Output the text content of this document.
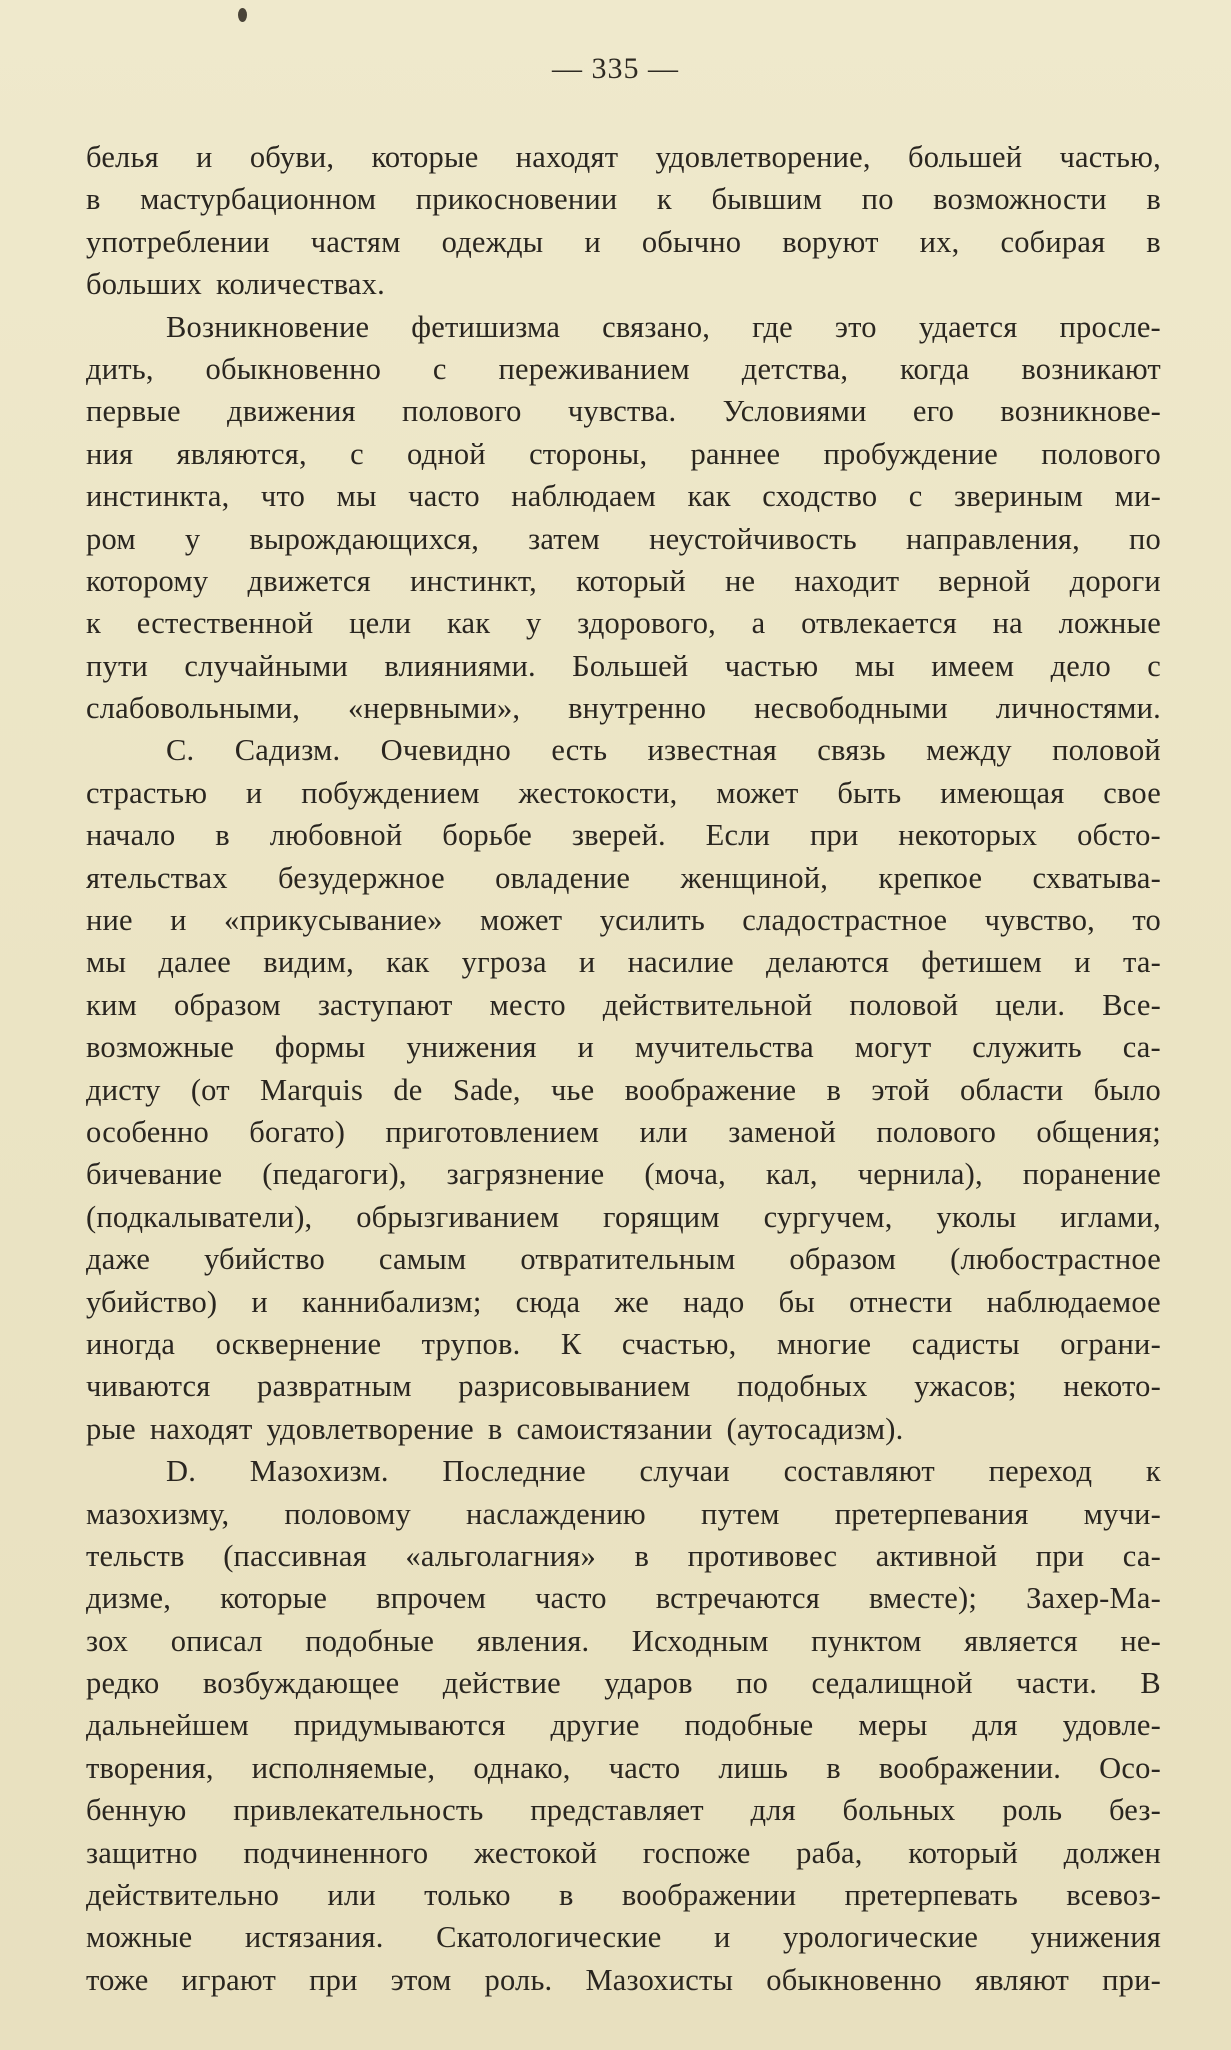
— 335 —
белья и обуви, которые находят удовлетворение, большей частью,
в мастурбационном прикосновении к бывшим по возможности в
употреблении частям одежды и обычно воруют их, собирая в
больших количествах.
Возникновение фетишизма связано, где это удается просле-
дить, обыкновенно с переживанием детства, когда возникают
первые движения полового чувства. Условиями его возникнове-
ния являются, с одной стороны, раннее пробуждение полового
инстинкта, что мы часто наблюдаем как сходство с звериным ми-
ром у вырождающихся, затем неустойчивость направления, по
которому движется инстинкт, который не находит верной дороги
к естественной цели как у здорового, а отвлекается на ложные
пути случайными влияниями. Большей частью мы имеем дело с
слабовольными, «нервными», внутренно несвободными личностями.
С. Садизм. Очевидно есть известная связь между половой
страстью и побуждением жестокости, может быть имеющая свое
начало в любовной борьбе зверей. Если при некоторых обсто-
ятельствах безудержное овладение женщиной, крепкое схватыва-
ние и «прикусывание» может усилить сладострастное чувство, то
мы далее видим, как угроза и насилие делаются фетишем и та-
ким образом заступают место действительной половой цели. Все-
возможные формы унижения и мучительства могут служить са-
дисту (от Marquis de Sade, чье воображение в этой области было
особенно богато) приготовлением или заменой полового общения;
бичевание (педагоги), загрязнение (моча, кал, чернила), поранение
(подкалыватели), обрызгиванием горящим сургучем, уколы иглами,
даже убийство самым отвратительным образом (любострастное
убийство) и каннибализм; сюда же надо бы отнести наблюдаемое
иногда осквернение трупов. К счастью, многие садисты ограни-
чиваются развратным разрисовыванием подобных ужасов; некото-
рые находят удовлетворение в самоистязании (аутосадизм).
D. Мазохизм. Последние случаи составляют переход к
мазохизму, половому наслаждению путем претерпевания мучи-
тельств (пассивная «альголагния» в противовес активной при са-
дизме, которые впрочем часто встречаются вместе); Захер-Ма-
зох описал подобные явления. Исходным пунктом является не-
редко возбуждающее действие ударов по седалищной части. В
дальнейшем придумываются другие подобные меры для удовле-
творения, исполняемые, однако, часто лишь в воображении. Осо-
бенную привлекательность представляет для больных роль без-
защитно подчиненного жестокой госпоже раба, который должен
действительно или только в воображении претерпевать всевоз-
можные истязания. Скатологические и урологические унижения
тоже играют при этом роль. Мазохисты обыкновенно являют при-
